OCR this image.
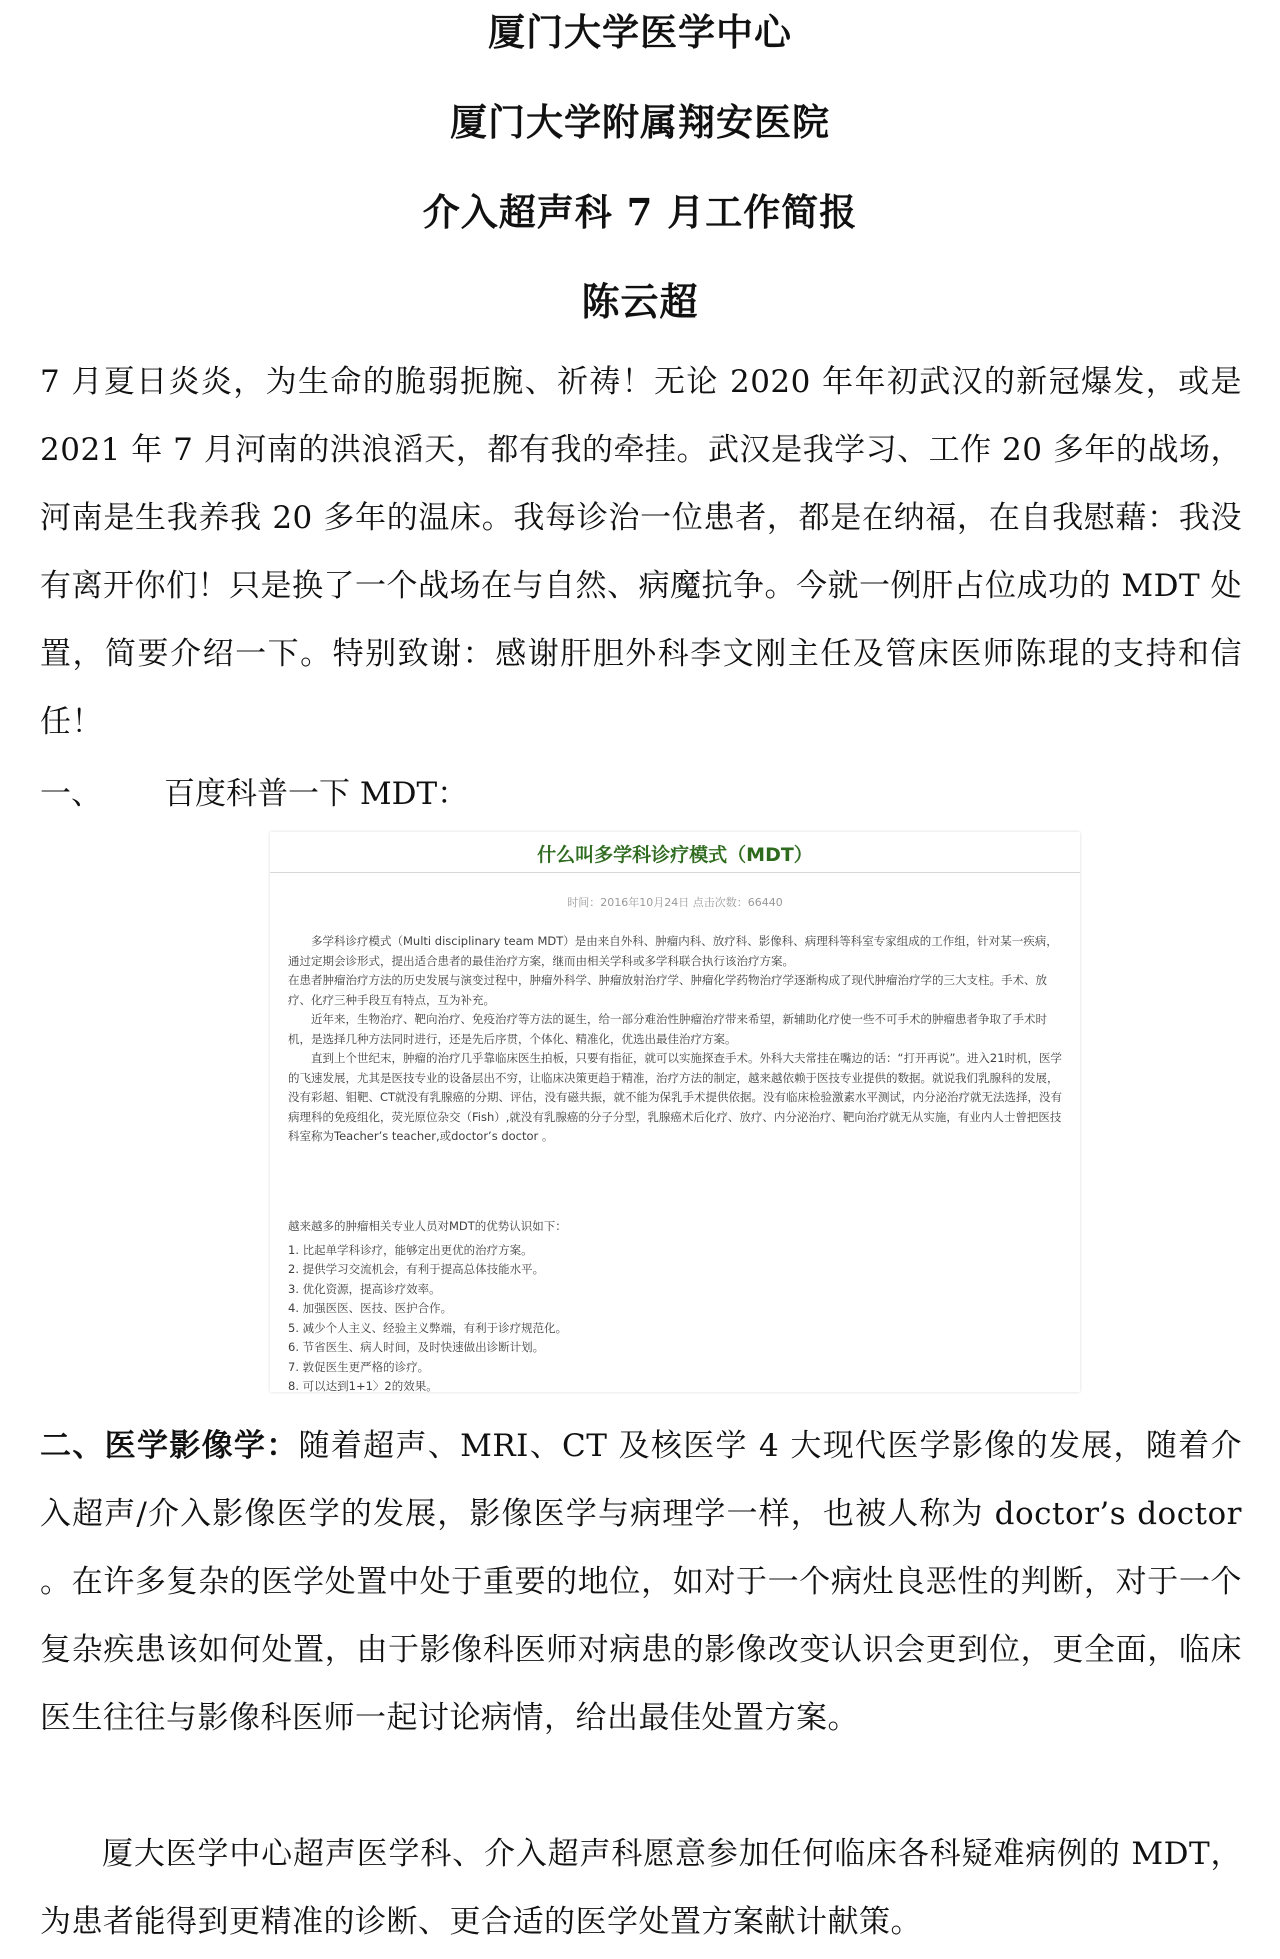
厦门大学医学中心
厦门大学附属翔安医院
介入超声科 7 月工作简报
陈云超

7 月夏日炎炎，为生命的脆弱扼腕、祈祷！无论 2020 年年初武汉的新冠爆发，或是 2021 年 7 月河南的洪浪滔天，都有我的牵挂。武汉是我学习、工作 20 多年的战场，河南是生我养我 20 多年的温床。我每诊治一位患者，都是在纳福，在自我慰藉：我没有离开你们！只是换了一个战场在与自然、病魔抗争。今就一例肝占位成功的 MDT 处置，简要介绍一下。特别致谢：感谢肝胆外科李文刚主任及管床医师陈琨的支持和信任！

一、 百度科普一下 MDT：

什么叫多学科诊疗模式（MDT）

时间：2016年10月24日 点击次数：66440

多学科诊疗模式（Multi disciplinary team MDT）是由来自外科、肿瘤内科、放疗科、影像科、病理科等科室专家组成的工作组，针对某一疾病，通过定期会诊形式，提出适合患者的最佳治疗方案，继而由相关学科或多学科联合执行该治疗方案。

在患者肿瘤治疗方法的历史发展与演变过程中，肿瘤外科学、肿瘤放射治疗学、肿瘤化学药物治疗学逐渐构成了现代肿瘤治疗学的三大支柱。手术、放疗、化疗三种手段互有特点，互为补充。

近年来，生物治疗、靶向治疗、免疫治疗等方法的诞生，给一部分难治性肿瘤治疗带来希望，新辅助化疗使一些不可手术的肿瘤患者争取了手术时机，是选择几种方法同时进行，还是先后序贯，个体化、精准化，优选出最佳治疗方案。

直到上个世纪末，肿瘤的治疗几乎靠临床医生拍板，只要有指征，就可以实施探查手术。外科大夫常挂在嘴边的话：“打开再说”。进入21时机，医学的飞速发展，尤其是医技专业的设备层出不穷，让临床决策更趋于精准，治疗方法的制定，越来越依赖于医技专业提供的数据。就说我们乳腺科的发展，没有彩超、钼靶、CT就没有乳腺癌的分期、评估，没有磁共振，就不能为保乳手术提供依据。没有临床检验激素水平测试，内分泌治疗就无法选择，没有病理科的免疫组化，荧光原位杂交（Fish）,就没有乳腺癌的分子分型，乳腺癌术后化疗、放疗、内分泌治疗、靶向治疗就无从实施，有业内人士曾把医技科室称为Teacher’s teacher,或doctor’s doctor 。

越来越多的肿瘤相关专业人员对MDT的优势认识如下：
1. 比起单学科诊疗，能够定出更优的治疗方案。
2. 提供学习交流机会，有利于提高总体技能水平。
3. 优化资源，提高诊疗效率。
4. 加强医医、医技、医护合作。
5. 减少个人主义、经验主义弊端，有利于诊疗规范化。
6. 节省医生、病人时间，及时快速做出诊断计划。
7. 敦促医生更严格的诊疗。
8. 可以达到1+1〉2的效果。

二、医学影像学：随着超声、MRI、CT 及核医学 4 大现代医学影像的发展，随着介入超声/介入影像医学的发展，影像医学与病理学一样，也被人称为 doctor’s doctor 。在许多复杂的医学处置中处于重要的地位，如对于一个病灶良恶性的判断，对于一个复杂疾患该如何处置，由于影像科医师对病患的影像改变认识会更到位，更全面，临床医生往往与影像科医师一起讨论病情，给出最佳处置方案。

厦大医学中心超声医学科、介入超声科愿意参加任何临床各科疑难病例的 MDT，为患者能得到更精准的诊断、更合适的医学处置方案献计献策。
